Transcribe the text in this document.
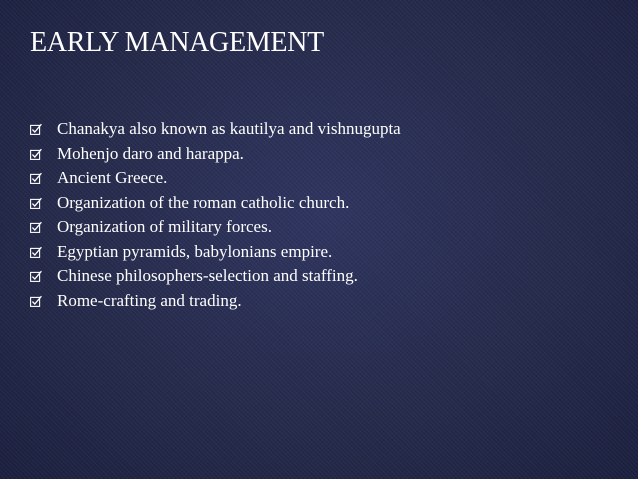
EARLY MANAGEMENT
Chanakya also known as kautilya and vishnugupta
Mohenjo daro and harappa.
Ancient Greece.
Organization of the roman catholic church.
Organization of military forces.
Egyptian pyramids, babylonians empire.
Chinese philosophers-selection and staffing.
Rome-crafting and trading.
